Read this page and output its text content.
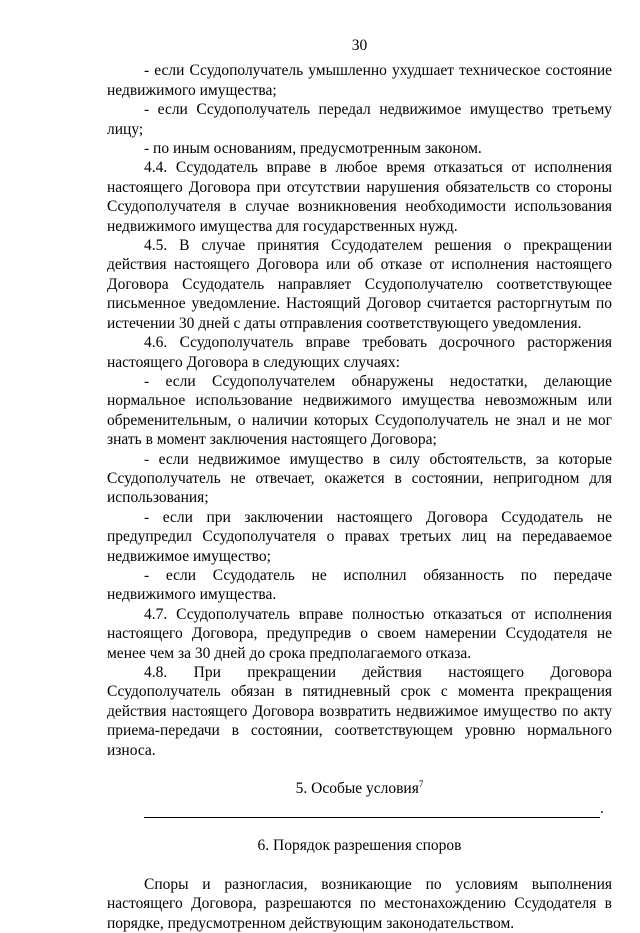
30

- если Ссудополучатель умышленно ухудшает техническое состояние недвижимого имущества;

- если Ссудополучатель передал недвижимое имущество третьему лицу;

- по иным основаниям, предусмотренным законом.

4.4. Ссудодатель вправе в любое время отказаться от исполнения настоящего Договора при отсутствии нарушения обязательств со стороны Ссудополучателя в случае возникновения необходимости использования недвижимого имущества для государственных нужд.

4.5. В случае принятия Ссудодателем решения о прекращении действия настоящего Договора или об отказе от исполнения настоящего Договора Ссудодатель направляет Ссудополучателю соответствующее письменное уведомление. Настоящий Договор считается расторгнутым по истечении 30 дней с даты отправления соответствующего уведомления.

4.6. Ссудополучатель вправе требовать досрочного расторжения настоящего Договора в следующих случаях:

- если Ссудополучателем обнаружены недостатки, делающие нормальное использование недвижимого имущества невозможным или обременительным, о наличии которых Ссудополучатель не знал и не мог знать в момент заключения настоящего Договора;

- если недвижимое имущество в силу обстоятельств, за которые Ссудополучатель не отвечает, окажется в состоянии, непригодном для использования;

- если при заключении настоящего Договора Ссудодатель не предупредил Ссудополучателя о правах третьих лиц на передаваемое недвижимое имущество;

- если Ссудодатель не исполнил обязанность по передаче недвижимого имущества.

4.7. Ссудополучатель вправе полностью отказаться от исполнения настоящего Договора, предупредив о своем намерении Ссудодателя не менее чем за 30 дней до срока предполагаемого отказа.

4.8. При прекращении действия настоящего Договора Ссудополучатель обязан в пятидневный срок с момента прекращения действия настоящего Договора возвратить недвижимое имущество по акту приема-передачи в состоянии, соответствующем уровню нормального износа.

5. Особые условия$^7$

.

6. Порядок разрешения споров

Споры и разногласия, возникающие по условиям выполнения настоящего Договора, разрешаются по местонахождению Ссудодателя в порядке, предусмотренном действующим законодательством.
